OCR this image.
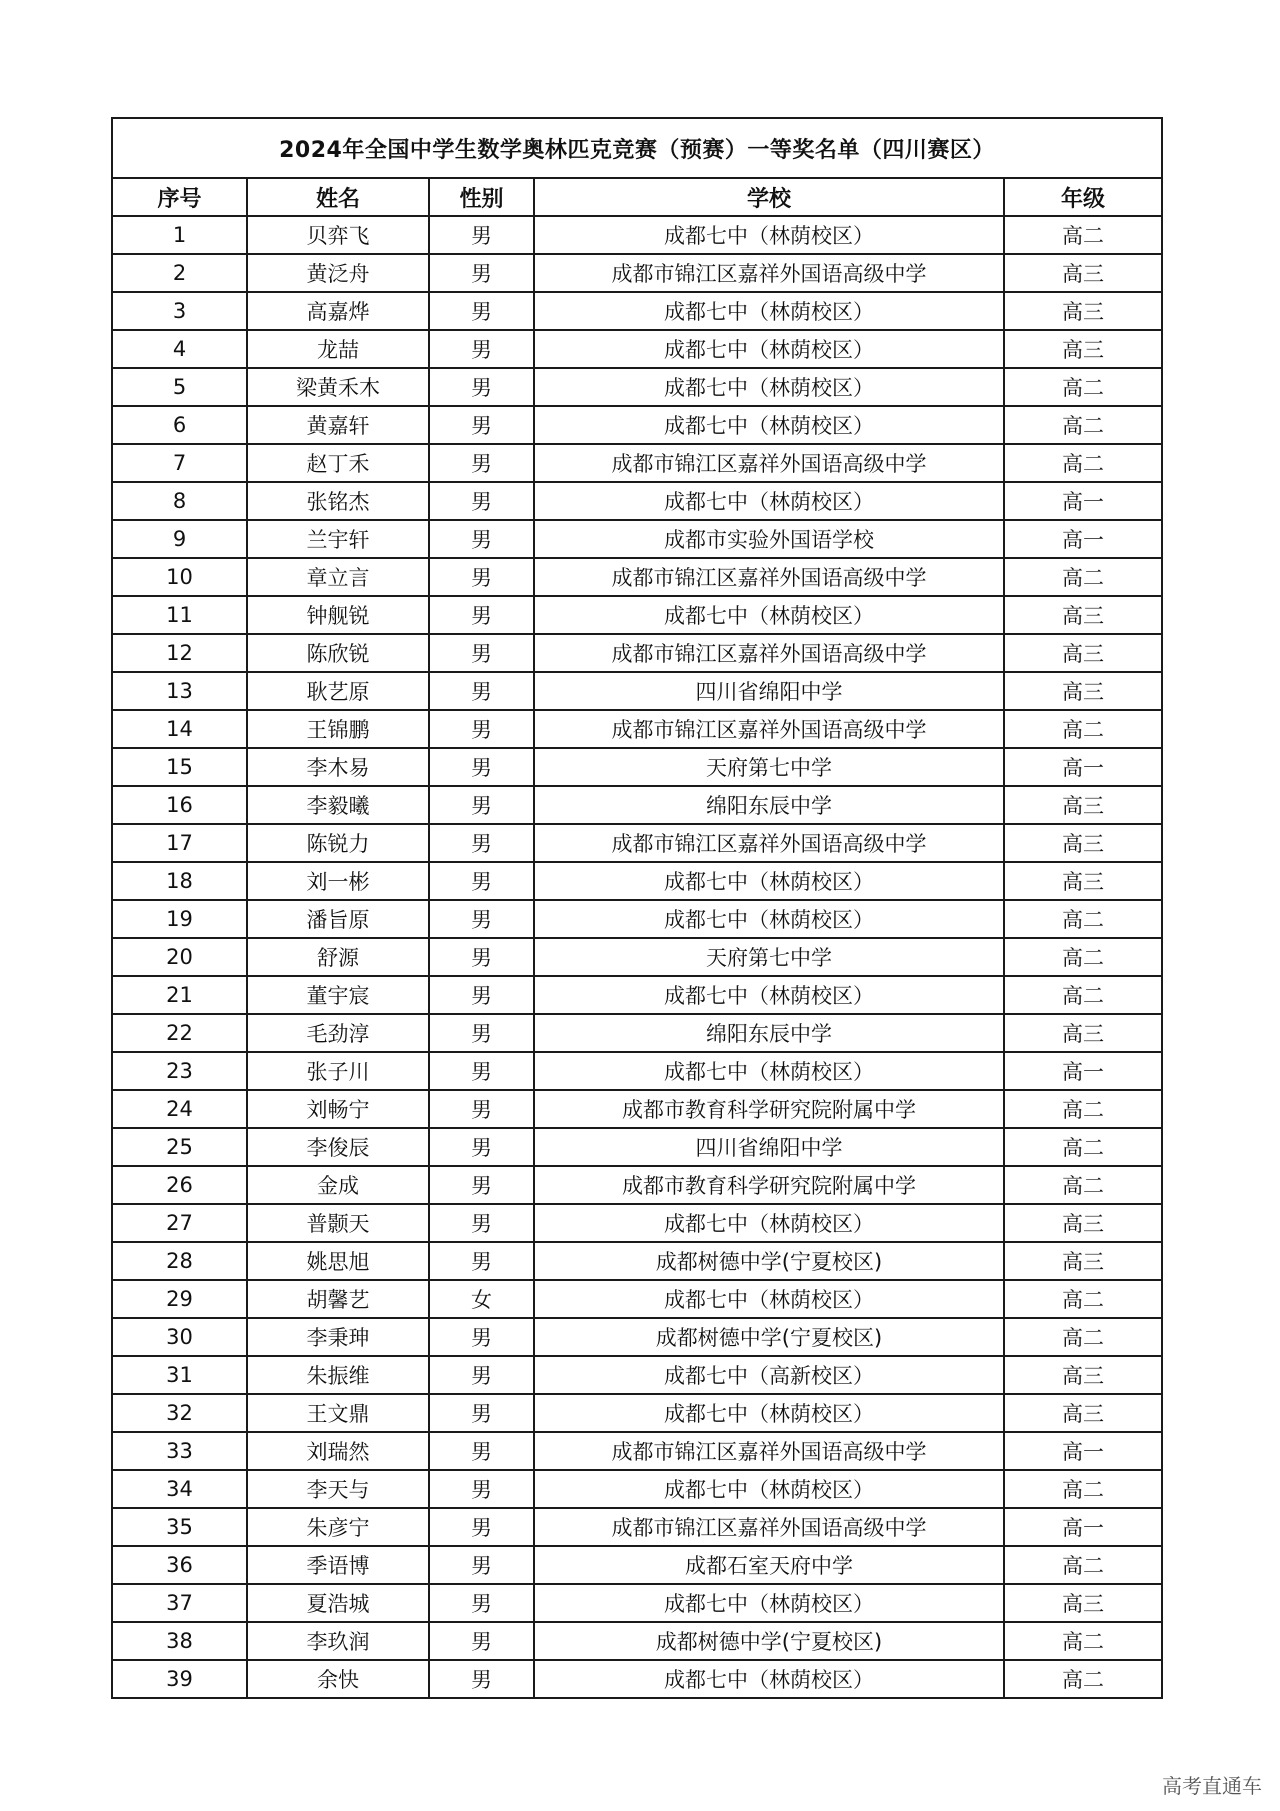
2024年全国中学生数学奥林匹克竞赛（预赛）一等奖名单（四川赛区）				
序号	姓名	性别	学校	年级
1	贝弈飞	男	成都七中（林荫校区）	高二
2	黄泛舟	男	成都市锦江区嘉祥外国语高级中学	高三
3	高嘉烨	男	成都七中（林荫校区）	高三
4	龙喆	男	成都七中（林荫校区）	高三
5	梁黄禾木	男	成都七中（林荫校区）	高二
6	黄嘉轩	男	成都七中（林荫校区）	高二
7	赵丁禾	男	成都市锦江区嘉祥外国语高级中学	高二
8	张铭杰	男	成都七中（林荫校区）	高一
9	兰宇轩	男	成都市实验外国语学校	高一
10	章立言	男	成都市锦江区嘉祥外国语高级中学	高二
11	钟舰锐	男	成都七中（林荫校区）	高三
12	陈欣锐	男	成都市锦江区嘉祥外国语高级中学	高三
13	耿艺原	男	四川省绵阳中学	高三
14	王锦鹏	男	成都市锦江区嘉祥外国语高级中学	高二
15	李木易	男	天府第七中学	高一
16	李毅曦	男	绵阳东辰中学	高三
17	陈锐力	男	成都市锦江区嘉祥外国语高级中学	高三
18	刘一彬	男	成都七中（林荫校区）	高三
19	潘旨原	男	成都七中（林荫校区）	高二
20	舒源	男	天府第七中学	高二
21	董宇宸	男	成都七中（林荫校区）	高二
22	毛劲淳	男	绵阳东辰中学	高三
23	张子川	男	成都七中（林荫校区）	高一
24	刘畅宁	男	成都市教育科学研究院附属中学	高二
25	李俊辰	男	四川省绵阳中学	高二
26	金成	男	成都市教育科学研究院附属中学	高二
27	普颢天	男	成都七中（林荫校区）	高三
28	姚思旭	男	成都树德中学(宁夏校区)	高三
29	胡馨艺	女	成都七中（林荫校区）	高二
30	李秉珅	男	成都树德中学(宁夏校区)	高二
31	朱振维	男	成都七中（高新校区）	高三
32	王文鼎	男	成都七中（林荫校区）	高三
33	刘瑞然	男	成都市锦江区嘉祥外国语高级中学	高一
34	李天与	男	成都七中（林荫校区）	高二
35	朱彦宁	男	成都市锦江区嘉祥外国语高级中学	高一
36	季语博	男	成都石室天府中学	高二
37	夏浩城	男	成都七中（林荫校区）	高三
38	李玖润	男	成都树德中学(宁夏校区)	高二
39	余快	男	成都七中（林荫校区）	高二
高考直通车
